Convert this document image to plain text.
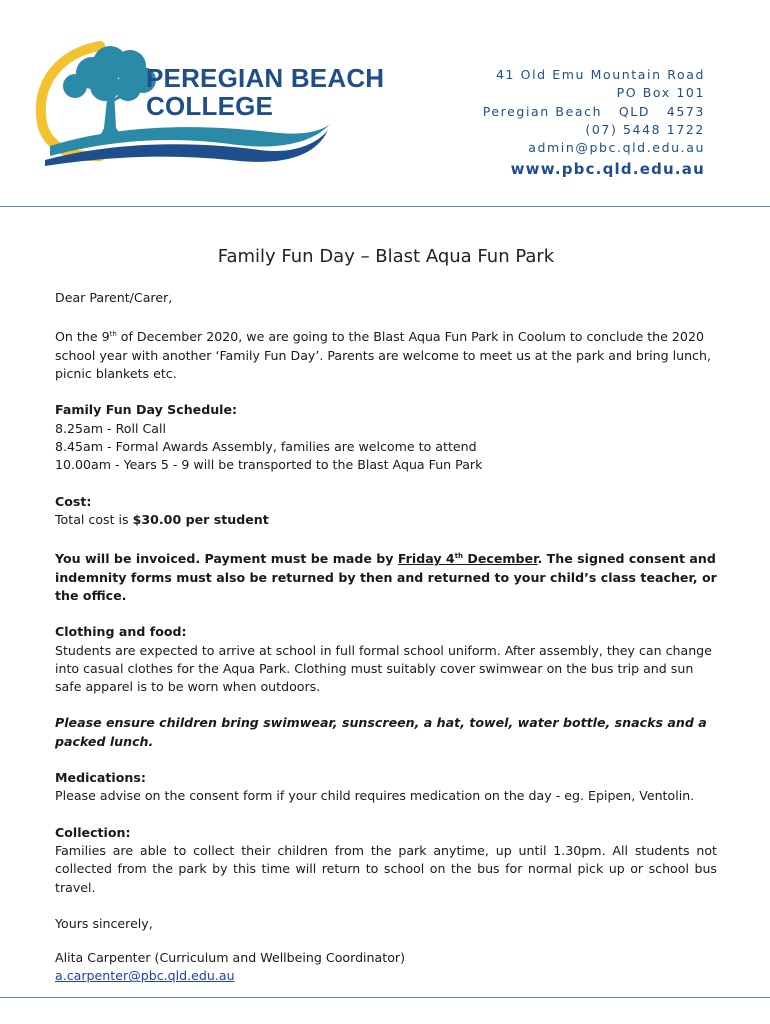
PEREGIAN BEACH
COLLEGE
41 Old Emu Mountain Road
PO Box 101
Peregian Beach   QLD   4573
(07) 5448 1722
admin@pbc.qld.edu.au
www.pbc.qld.edu.au
Family Fun Day – Blast Aqua Fun Park

Dear Parent/Carer,

On the 9th of December 2020, we are going to the Blast Aqua Fun Park in Coolum to conclude the 2020 school year with another ‘Family Fun Day’. Parents are welcome to meet us at the park and bring lunch, picnic blankets etc.

Family Fun Day Schedule:
8.25am - Roll Call
8.45am - Formal Awards Assembly, families are welcome to attend
10.00am - Years 5 - 9 will be transported to the Blast Aqua Fun Park

Cost:
Total cost is $30.00 per student

You will be invoiced. Payment must be made by Friday 4th December. The signed consent and indemnity forms must also be returned by then and returned to your child’s class teacher, or the office.

Clothing and food:
Students are expected to arrive at school in full formal school uniform. After assembly, they can change into casual clothes for the Aqua Park. Clothing must suitably cover swimwear on the bus trip and sun safe apparel is to be worn when outdoors.

Please ensure children bring swimwear, sunscreen, a hat, towel, water bottle, snacks and a packed lunch.

Medications:
Please advise on the consent form if your child requires medication on the day - eg. Epipen, Ventolin.

Collection:
Families are able to collect their children from the park anytime, up until 1.30pm. All students not collected from the park by this time will return to school on the bus for normal pick up or school bus travel.

Yours sincerely,

Alita Carpenter (Curriculum and Wellbeing Coordinator)
a.carpenter@pbc.qld.edu.au
